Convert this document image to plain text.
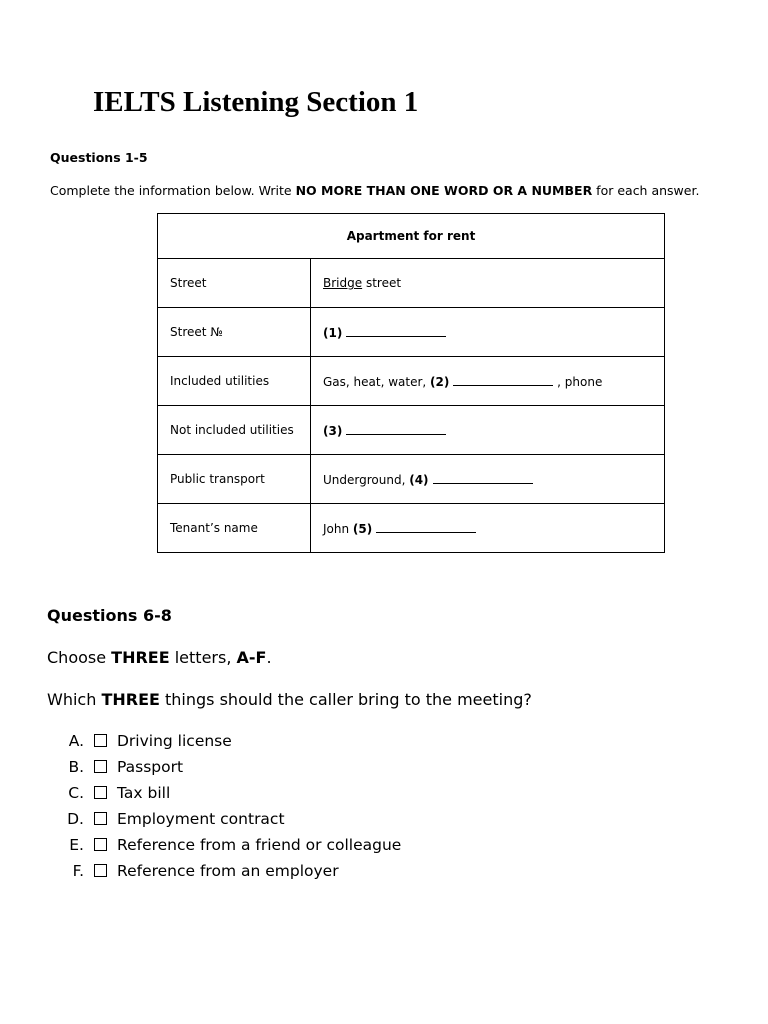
IELTS Listening Section 1
Questions 1-5
Complete the information below. Write NO MORE THAN ONE WORD OR A NUMBER for each answer.
Apartment for rent	
Street	Bridge street
Street №	(1)
Included utilities	Gas, heat, water, (2) , phone
Not included utilities	(3)
Public transport	Underground, (4)
Tenant’s name	John (5)
Questions 6-8
Choose THREE letters, A-F.
Which THREE things should the caller bring to the meeting?
A. Driving license
B. Passport
C. Tax bill
D. Employment contract
E. Reference from a friend or colleague
F. Reference from an employer
